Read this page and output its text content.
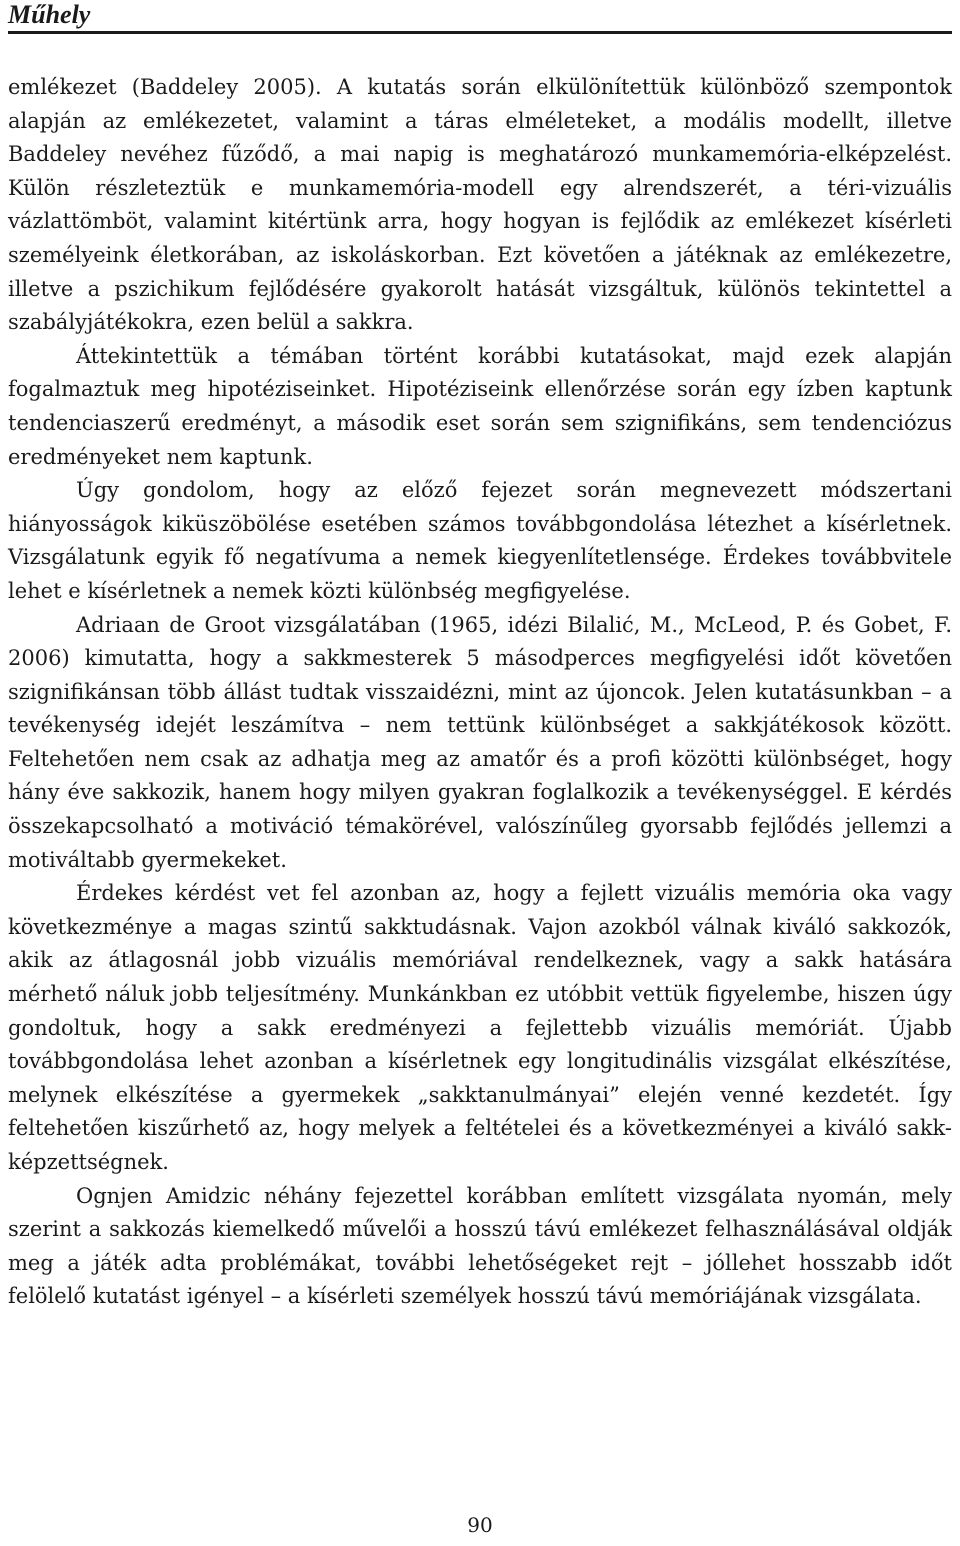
Műhely

emlékezet (Baddeley 2005). A kutatás során elkülönítettük különböző szempontok alapján az emlékezetet, valamint a táras elméleteket, a modális modellt, illetve Baddeley nevéhez fűződő, a mai napig is meghatározó munkamemória-elképzelést. Külön részleteztük e munkamemória-modell egy alrendszerét, a téri-vizuális vázlattömböt, valamint kitértünk arra, hogy hogyan is fejlődik az emlékezet kísérleti személyeink életkorában, az iskoláskorban. Ezt követően a játéknak az emlékezetre, illetve a pszichikum fejlődésére gyakorolt hatását vizsgáltuk, különös tekintettel a szabályjátékokra, ezen belül a sakkra.

Áttekintettük a témában történt korábbi kutatásokat, majd ezek alapján fogalmaztuk meg hipotéziseinket. Hipotéziseink ellenőrzése során egy ízben kaptunk tendenciaszerű eredményt, a második eset során sem szignifikáns, sem tendenciózus eredményeket nem kaptunk.

Úgy gondolom, hogy az előző fejezet során megnevezett módszertani hiányosságok kiküszöbölése esetében számos továbbgondolása létezhet a kísérletnek. Vizsgálatunk egyik fő negatívuma a nemek kiegyenlítetlensége. Érdekes továbbvitele lehet e kísérletnek a nemek közti különbség megfigyelése.

Adriaan de Groot vizsgálatában (1965, idézi Bilalić, M., McLeod, P. és Gobet, F. 2006) kimutatta, hogy a sakkmesterek 5 másodperces megfigyelési időt követően szignifikánsan több állást tudtak visszaidézni, mint az újoncok. Jelen kutatásunkban – a tevékenység idejét leszámítva – nem tettünk különbséget a sakkjátékosok között. Feltehetően nem csak az adhatja meg az amatőr és a profi közötti különbséget, hogy hány éve sakkozik, hanem hogy milyen gyakran foglalkozik a tevékenységgel. E kérdés összekapcsolható a motiváció témakörével, valószínűleg gyorsabb fejlődés jellemzi a motiváltabb gyermekeket.

Érdekes kérdést vet fel azonban az, hogy a fejlett vizuális memória oka vagy következménye a magas szintű sakktudásnak. Vajon azokból válnak kiváló sakkozók, akik az átlagosnál jobb vizuális memóriával rendelkeznek, vagy a sakk hatására mérhető náluk jobb teljesítmény. Munkánkban ez utóbbit vettük figyelembe, hiszen úgy gondoltuk, hogy a sakk eredményezi a fejlettebb vizuális memóriát. Újabb továbbgondolása lehet azonban a kísérletnek egy longitudinális vizsgálat elkészítése, melynek elkészítése a gyermekek „sakktanulmányai” elején venné kezdetét. Így feltehetően kiszűrhető az, hogy melyek a feltételei és a következményei a kiváló sakk-képzettségnek.

Ognjen Amidzic néhány fejezettel korábban említett vizsgálata nyomán, mely szerint a sakkozás kiemelkedő művelői a hosszú távú emlékezet felhasználásával oldják meg a játék adta problémákat, további lehetőségeket rejt – jóllehet hosszabb időt felölelő kutatást igényel – a kísérleti személyek hosszú távú memóriájának vizsgálata.

90
